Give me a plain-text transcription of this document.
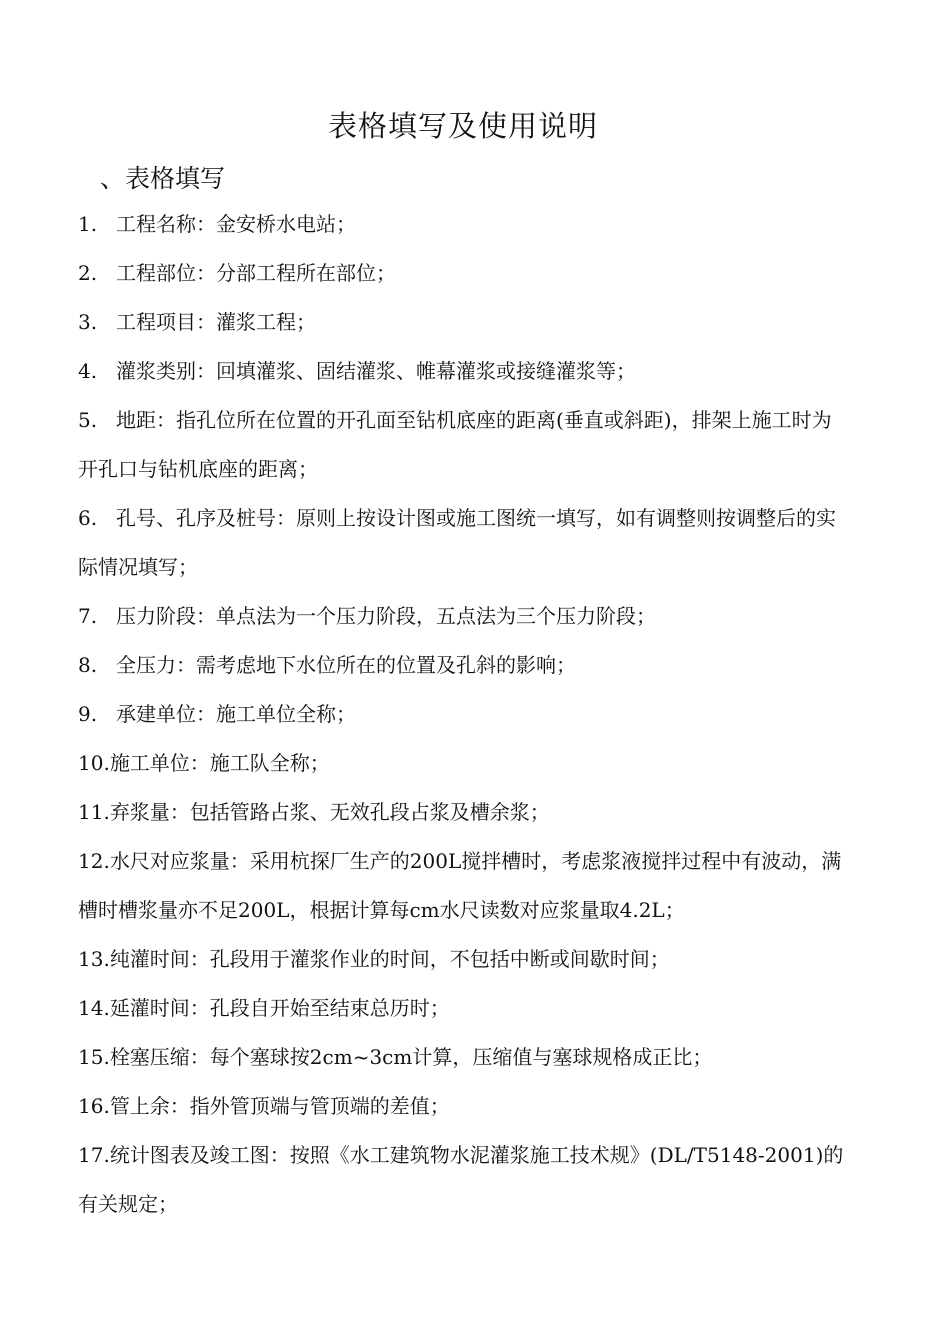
表格填写及使用说明
、表格填写
1. 工程名称：金安桥水电站；
2. 工程部位：分部工程所在部位；
3. 工程项目：灌浆工程；
4. 灌浆类别：回填灌浆、固结灌浆、帷幕灌浆或接缝灌浆等；
5. 地距：指孔位所在位置的开孔面至钻机底座的距离(垂直或斜距)，排架上施工时为开孔口与钻机底座的距离；
6. 孔号、孔序及桩号：原则上按设计图或施工图统一填写，如有调整则按调整后的实际情况填写；
7. 压力阶段：单点法为一个压力阶段，五点法为三个压力阶段；
8. 全压力：需考虑地下水位所在的位置及孔斜的影响；
9. 承建单位：施工单位全称；
10.施工单位：施工队全称；
11.弃浆量：包括管路占浆、无效孔段占浆及槽余浆；
12.水尺对应浆量：采用杭探厂生产的200L搅拌槽时，考虑浆液搅拌过程中有波动，满槽时槽浆量亦不足200L，根据计算每cm水尺读数对应浆量取4.2L；
13.纯灌时间：孔段用于灌浆作业的时间，不包括中断或间歇时间；
14.延灌时间：孔段自开始至结束总历时；
15.栓塞压缩：每个塞球按2cm~3cm计算，压缩值与塞球规格成正比；
16.管上余：指外管顶端与管顶端的差值；
17.统计图表及竣工图：按照《水工建筑物水泥灌浆施工技术规》(DL/T5148-2001)的有关规定；
